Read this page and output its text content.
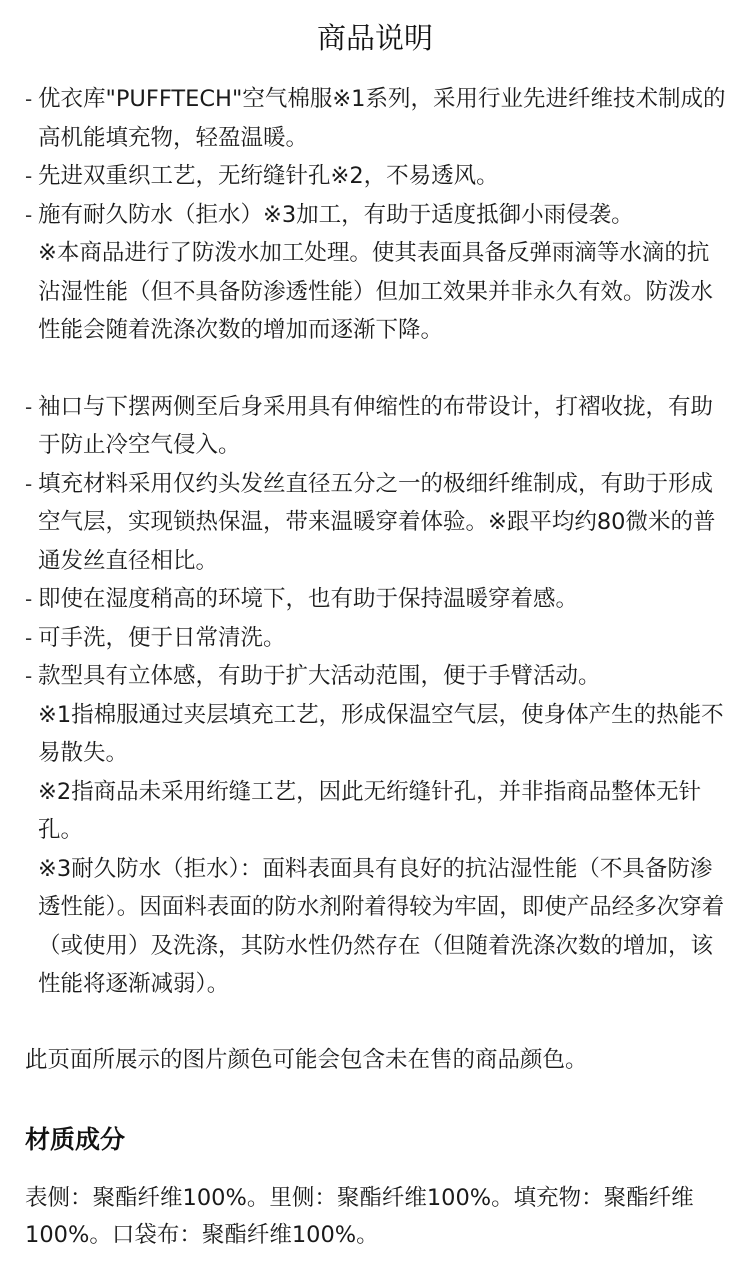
商品说明
- 优衣库"PUFFTECH"空气棉服※1系列，采用行业先进纤维技术制成的高机能填充物，轻盈温暖。
- 先进双重织工艺，无绗缝针孔※2，不易透风。
- 施有耐久防水（拒水）※3加工，有助于适度抵御小雨侵袭。
※本商品进行了防泼水加工处理。使其表面具备反弹雨滴等水滴的抗沾湿性能（但不具备防渗透性能）但加工效果并非永久有效。防泼水性能会随着洗涤次数的增加而逐渐下降。
- 袖口与下摆两侧至后身采用具有伸缩性的布带设计，打褶收拢，有助于防止冷空气侵入。
- 填充材料采用仅约头发丝直径五分之一的极细纤维制成，有助于形成空气层，实现锁热保温，带来温暖穿着体验。※跟平均约80微米的普通发丝直径相比。
- 即使在湿度稍高的环境下，也有助于保持温暖穿着感。
- 可手洗，便于日常清洗。
- 款型具有立体感，有助于扩大活动范围，便于手臂活动。
※1指棉服通过夹层填充工艺，形成保温空气层，使身体产生的热能不易散失。
※2指商品未采用绗缝工艺，因此无绗缝针孔，并非指商品整体无针孔。
※3耐久防水（拒水）：面料表面具有良好的抗沾湿性能（不具备防渗透性能）。因面料表面的防水剂附着得较为牢固，即使产品经多次穿着（或使用）及洗涤，其防水性仍然存在（但随着洗涤次数的增加，该性能将逐渐减弱）。

此页面所展示的图片颜色可能会包含未在售的商品颜色。

材质成分

表侧：聚酯纤维100%。里侧：聚酯纤维100%。填充物：聚酯纤维100%。口袋布：聚酯纤维100%。
